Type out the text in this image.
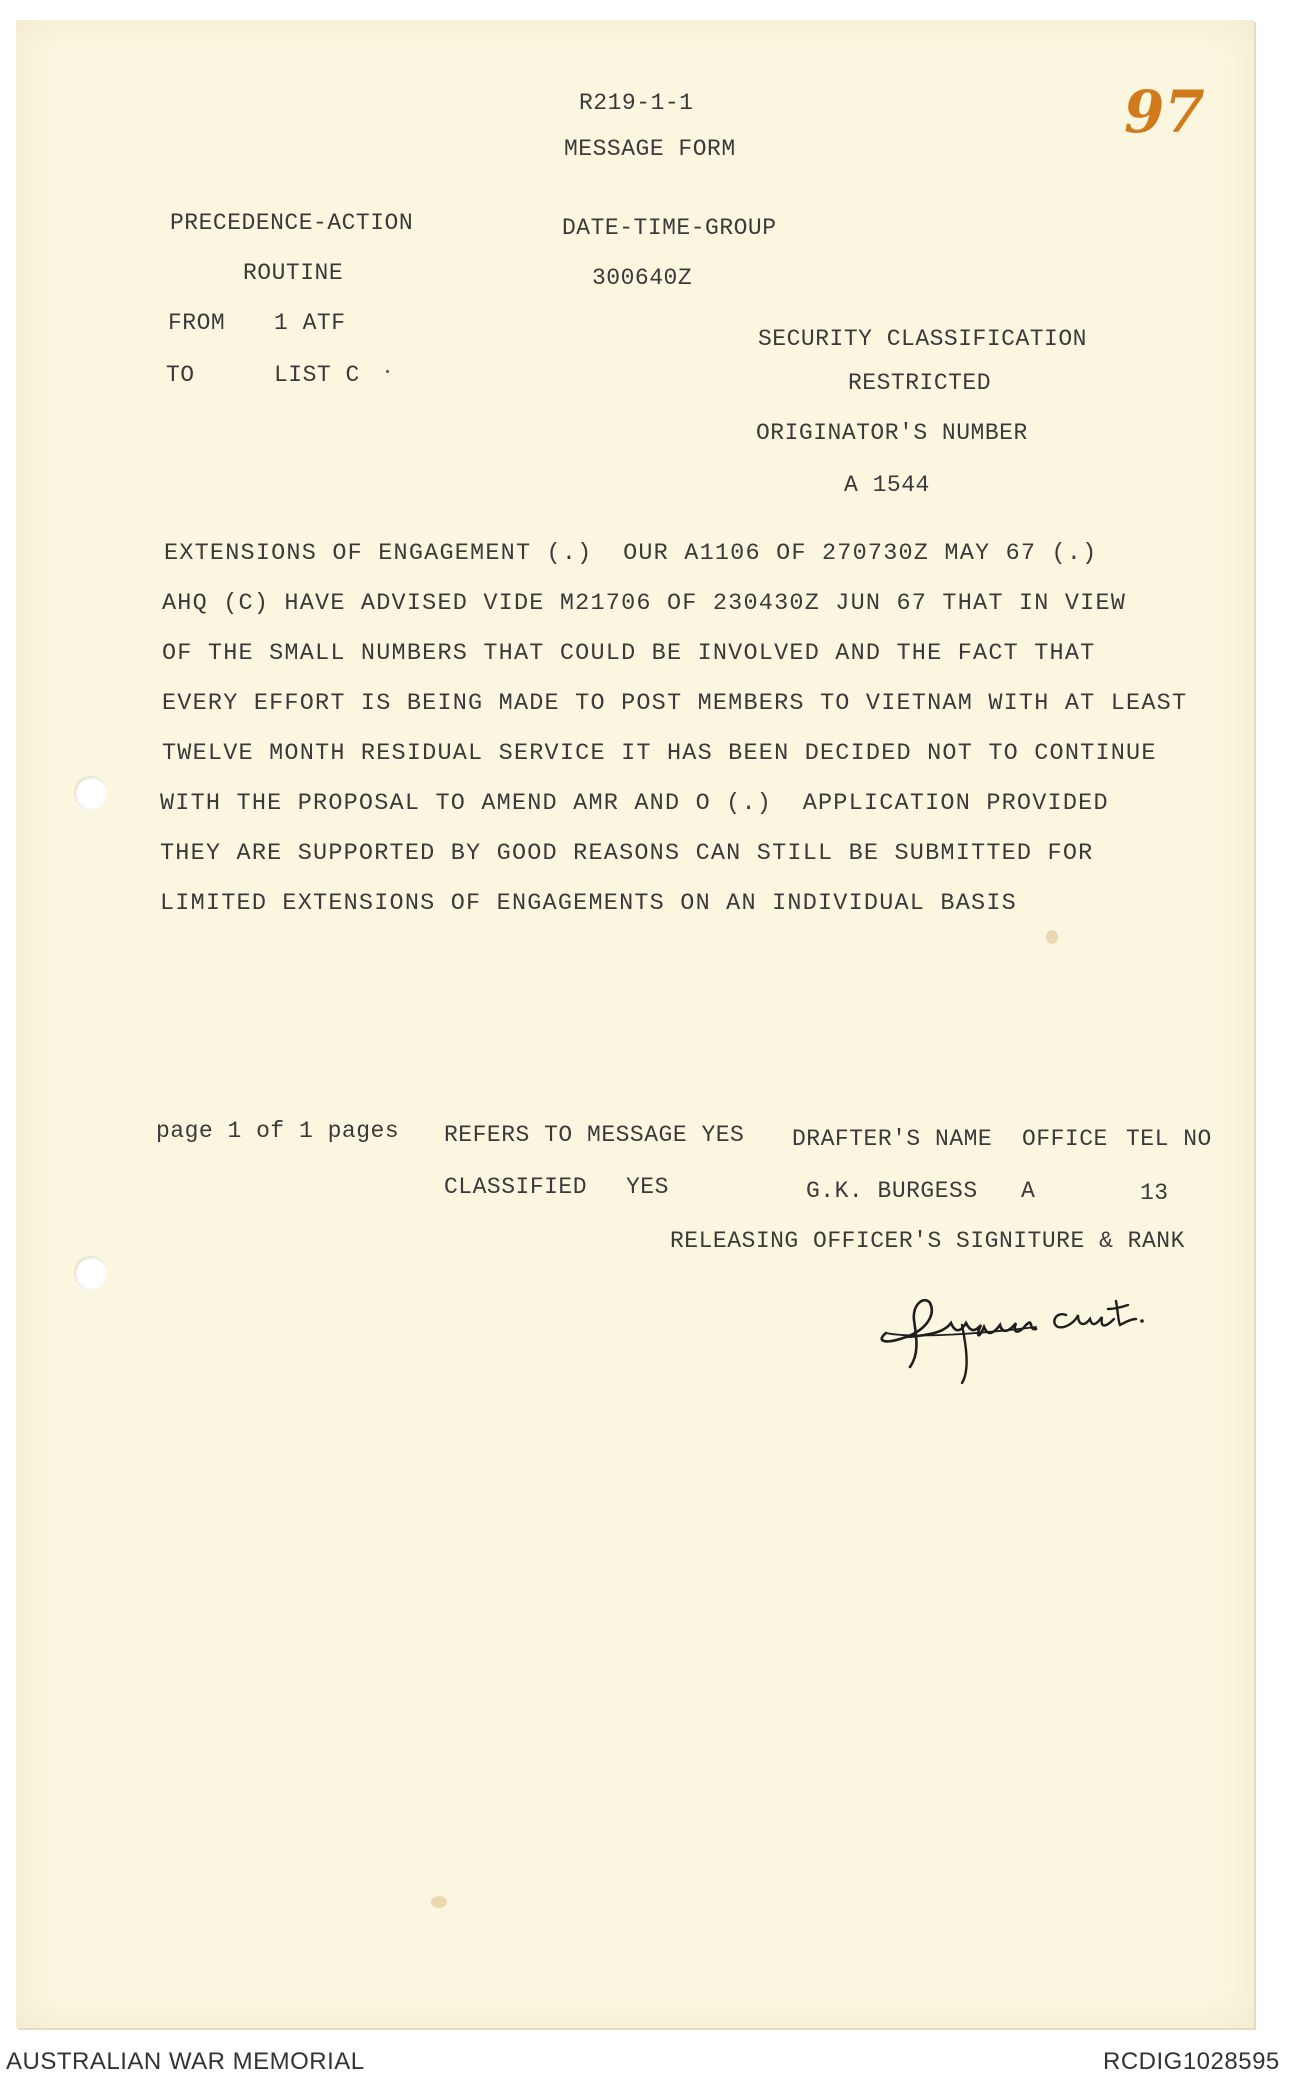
97
R219-1-1
MESSAGE FORM
PRECEDENCE-ACTION
ROUTINE
DATE-TIME-GROUP
300640Z
FROM 1 ATF
TO	LIST C
SECURITY CLASSIFICATION
RESTRICTED
ORIGINATOR'S NUMBER
A 1544
EXTENSIONS OF ENGAGEMENT (.)  OUR A1106 OF 270730Z MAY 67 (.)
AHQ (C) HAVE ADVISED VIDE M21706 OF 230430Z JUN 67 THAT IN VIEW
OF THE SMALL NUMBERS THAT COULD BE INVOLVED AND THE FACT THAT
EVERY EFFORT IS BEING MADE TO POST MEMBERS TO VIETNAM WITH AT LEAST
TWELVE MONTH RESIDUAL SERVICE IT HAS BEEN DECIDED NOT TO CONTINUE
WITH THE PROPOSAL TO AMEND AMR AND O (.)  APPLICATION PROVIDED
THEY ARE SUPPORTED BY GOOD REASONS CAN STILL BE SUBMITTED FOR
LIMITED EXTENSIONS OF ENGAGEMENTS ON AN INDIVIDUAL BASIS
page 1 of 1 pages REFERS TO MESSAGE YES
CLASSIFIED YES
DRAFTER'S NAME OFFICE TEL NO
G.K. BURGESS A	13
RELEASING OFFICER'S SIGNITURE & RANK
AUSTRALIAN WAR MEMORIAL	RCDIG1028595
